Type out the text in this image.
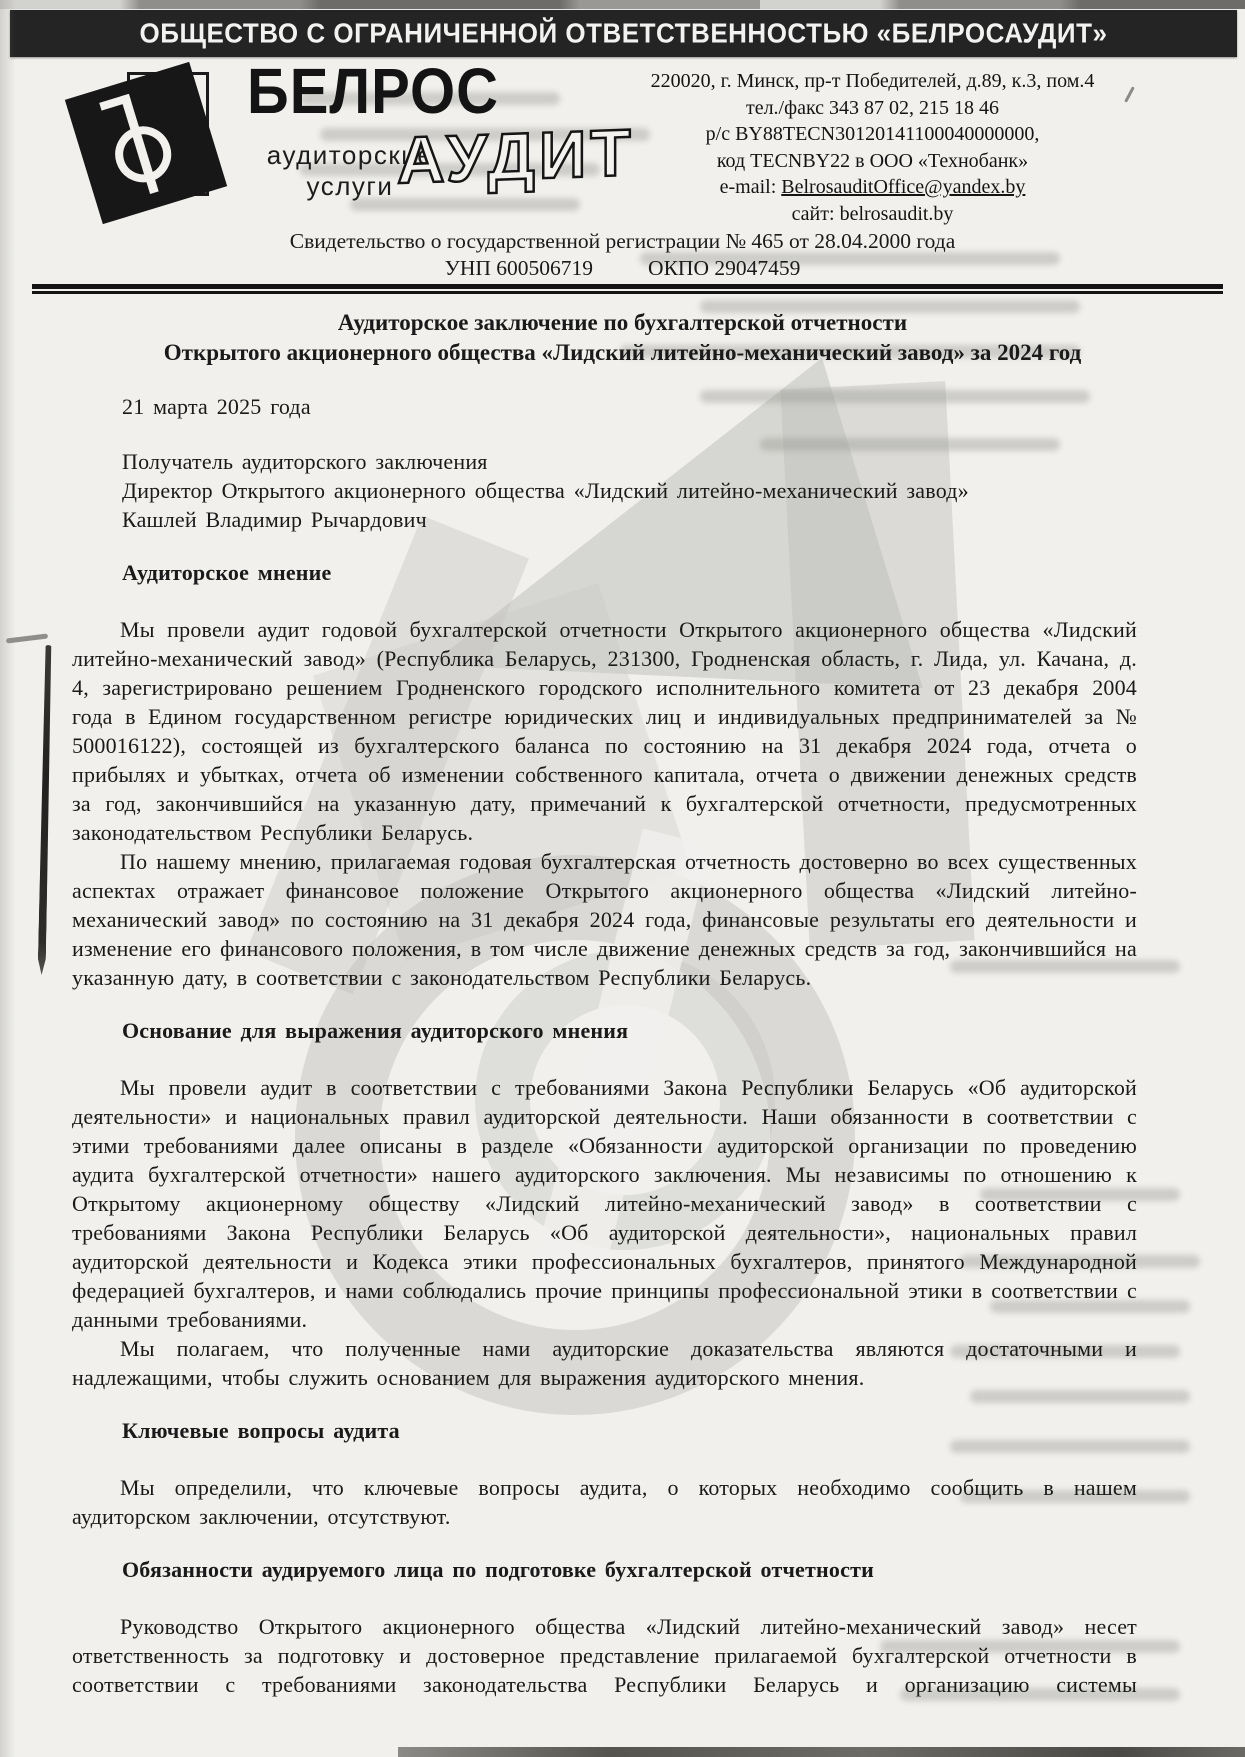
ОБЩЕСТВО С ОГРАНИЧЕННОЙ ОТВЕТСТВЕННОСТЬЮ «БЕЛРОСАУДИТ»
БЕЛРОС
аудиторские
услуги АУДИТ
220020, г. Минск, пр-т Победителей, д.89, к.3, пом.4
тел./факс 343 87 02, 215 18 46
р/с BY88TECN30120141100040000000,
код TECNBY22 в ООО «Технобанк»
e-mail: BelrosauditOffice@yandex.by
сайт: belrosaudit.by
Свидетельство о государственной регистрации № 465 от 28.04.2000 года
УНП 600506719	ОКПО 29047459
Аудиторское заключение по бухгалтерской отчетности
Открытого акционерного общества «Лидский литейно-механический завод» за 2024 год

21 марта 2025 года

Получатель аудиторского заключения
Директор Открытого акционерного общества «Лидский литейно-механический завод»
Кашлей Владимир Рычардович
Аудиторское мнение

Мы провели аудит годовой бухгалтерской отчетности Открытого акционерного общества «Лидский литейно-механический завод» (Республика Беларусь, 231300, Гродненская область, г. Лида, ул. Качана, д. 4, зарегистрировано решением Гродненского городского исполнительного комитета от 23 декабря 2004 года в Едином государственном регистре юридических лиц и индивидуальных предпринимателей за № 500016122), состоящей из бухгалтерского баланса по состоянию на 31 декабря 2024 года, отчета о прибылях и убытках, отчета об изменении собственного капитала, отчета о движении денежных средств за год, закончившийся на указанную дату, примечаний к бухгалтерской отчетности, предусмотренных законодательством Республики Беларусь.

По нашему мнению, прилагаемая годовая бухгалтерская отчетность достоверно во всех существенных аспектах отражает финансовое положение Открытого акционерного общества «Лидский литейно-механический завод» по состоянию на 31 декабря 2024 года, финансовые результаты его деятельности и изменение его финансового положения, в том числе движение денежных средств за год, закончившийся на указанную дату, в соответствии с законодательством Республики Беларусь.

Основание для выражения аудиторского мнения

Мы провели аудит в соответствии с требованиями Закона Республики Беларусь «Об аудиторской деятельности» и национальных правил аудиторской деятельности. Наши обязанности в соответствии с этими требованиями далее описаны в разделе «Обязанности аудиторской организации по проведению аудита бухгалтерской отчетности» нашего аудиторского заключения. Мы независимы по отношению к Открытому акционерному обществу «Лидский литейно-механический завод» в соответствии с требованиями Закона Республики Беларусь «Об аудиторской деятельности», национальных правил аудиторской деятельности и Кодекса этики профессиональных бухгалтеров, принятого Международной федерацией бухгалтеров, и нами соблюдались прочие принципы профессиональной этики в соответствии с данными требованиями.

Мы полагаем, что полученные нами аудиторские доказательства являются достаточными и надлежащими, чтобы служить основанием для выражения аудиторского мнения.

Ключевые вопросы аудита

Мы определили, что ключевые вопросы аудита, о которых необходимо сообщить в нашем аудиторском заключении, отсутствуют.

Обязанности аудируемого лица по подготовке бухгалтерской отчетности

Руководство Открытого акционерного общества «Лидский литейно-механический завод» несет ответственность за подготовку и достоверное представление прилагаемой бухгалтерской отчетности в соответствии с требованиями законодательства Республики Беларусь и организацию системы
